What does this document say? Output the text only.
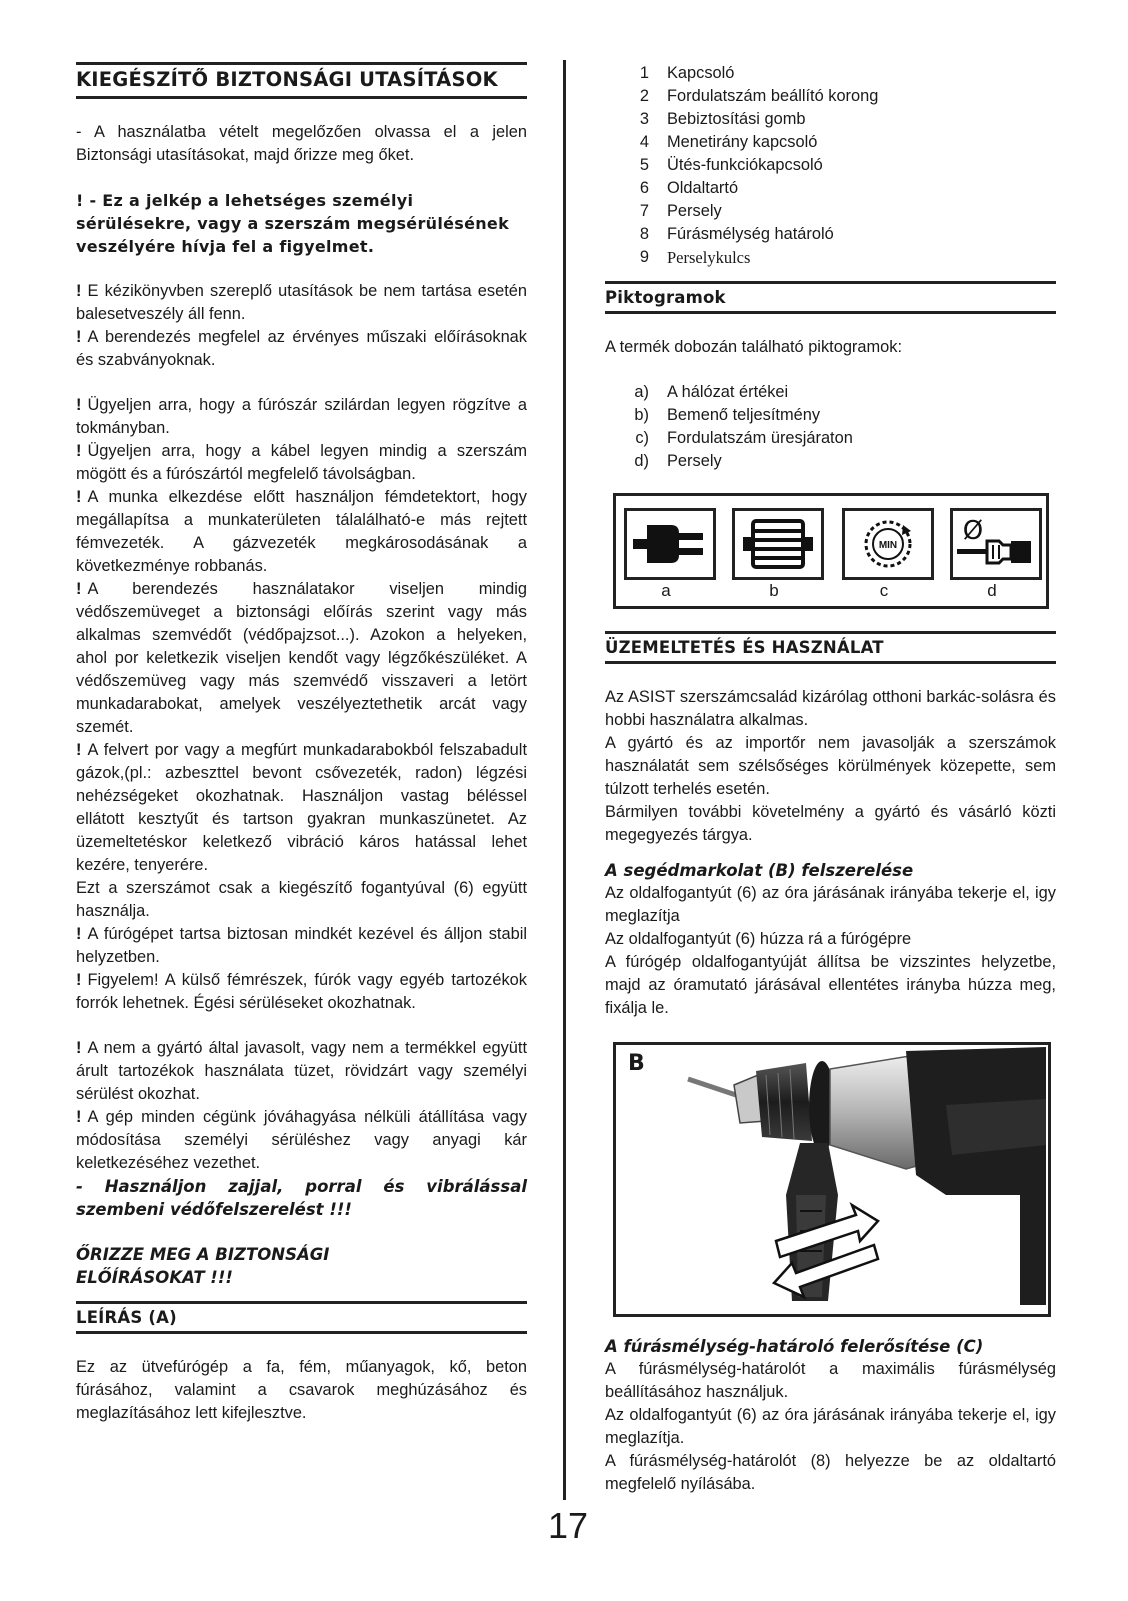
KIEGÉSZÍTŐ BIZTONSÁGI UTASÍTÁSOK

- A használatba vételt megelőzően olvassa el a jelen Biztonsági utasításokat, majd őrizze meg őket.

! - Ez a jelkép a lehetséges személyi sérülésekre, vagy a szerszám megsérülésének veszélyére hívja fel a figyelmet.

! E kézikönyvben szereplő utasítások be nem tartása esetén balesetveszély áll fenn.

! A berendezés megfelel az érvényes műszaki előírásoknak és szabványoknak.

! Ügyeljen arra, hogy a fúrószár szilárdan legyen rögzítve a tokmányban.

! Ügyeljen arra, hogy a kábel legyen mindig a szerszám mögött és a fúrószártól megfelelő távolságban.

! A munka elkezdése előtt használjon fémdetektort, hogy megállapítsa a munkaterületen tálalálható-e más rejtett fémvezeték. A gázvezeték megkárosodásának a következménye robbanás.

! A berendezés használatakor viseljen mindig védőszemüveget a biztonsági előírás szerint vagy más alkalmas szemvédőt (védőpajzsot...). Azokon a helyeken, ahol por keletkezik viseljen kendőt vagy légzőkészüléket. A védőszemüveg vagy más szemvédő visszaveri a letört munkadarabokat, amelyek veszélyeztethetik arcát vagy szemét.

! A felvert por vagy a megfúrt munkadarabokból felszabadult gázok,(pl.: azbeszttel bevont csővezeték, radon) légzési nehézségeket okozhatnak. Használjon vastag béléssel ellátott kesztyűt és tartson gyakran munkaszünetet. Az üzemeltetéskor keletkező vibráció káros hatással lehet kezére, tenyerére.

Ezt a szerszámot csak a kiegészítő fogantyúval (6) együtt használja.

! A fúrógépet tartsa biztosan mindkét kezével és álljon stabil helyzetben.

! Figyelem! A külső fémrészek, fúrók vagy egyéb tartozékok forrók lehetnek. Égési sérüléseket okozhatnak.

! A nem a gyártó által javasolt, vagy nem a termékkel együtt árult tartozékok használata tüzet, rövidzárt vagy személyi sérülést okozhat.

! A gép minden cégünk jóváhagyása nélküli átállítása vagy módosítása személyi sérüléshez vagy anyagi kár keletkezéséhez vezethet.

- Használjon zajjal, porral és vibrálással szembeni védőfelszerelést !!!

ŐRIZZE MEG A BIZTONSÁGI ELŐÍRÁSOKAT !!!

LEÍRÁS (A)

Ez az ütvefúrógép a fa, fém, műanyagok, kő, beton fúrásához, valamint a csavarok meghúzásához és meglazításához lett kifejlesztve.

1	Kapcsoló
2	Fordulatszám beállító korong
3	Bebiztosítási gomb
4	Menetirány kapcsoló
5	Ütés-funkciókapcsoló
6	Oldaltartó
7	Persely
8	Fúrásmélység határoló
9	Perselykulcs
Piktogramok

A termék dobozán található piktogramok:

a)	A hálózat értékei
b)	Bemenő teljesítmény
c)	Fordulatszám üresjáraton
d)	Persely
MIN	Ø
a	b	c	d
ÜZEMELTETÉS ÉS HASZNÁLAT

Az ASIST szerszámcsalád kizárólag otthoni barkác-solásra és hobbi használatra alkalmas.

A gyártó és az importőr nem javasolják a szerszámok használatát sem szélsőséges körülmények közepette, sem túlzott terhelés esetén.

Bármilyen további követelmény a gyártó és vásárló közti megegyezés tárgya.

A segédmarkolat (B) felszerelése

Az oldalfogantyút (6) az óra járásának irányába tekerje el, igy meglazítja

Az oldalfogantyút (6) húzza rá a fúrógépre

A fúrógép oldalfogantyúját állítsa be vizszintes helyzetbe, majd az óramutató járásával ellentétes irányba húzza meg, fixálja le.

B

A fúrásmélység-határoló felerősítése (C)

A fúrásmélység-határolót a maximális fúrásmélység beállításához használjuk.

Az oldalfogantyút (6) az óra járásának irányába tekerje el, igy meglazítja.

A fúrásmélység-határolót (8) helyezze be az oldaltartó megfelelő nyílásába.

17
